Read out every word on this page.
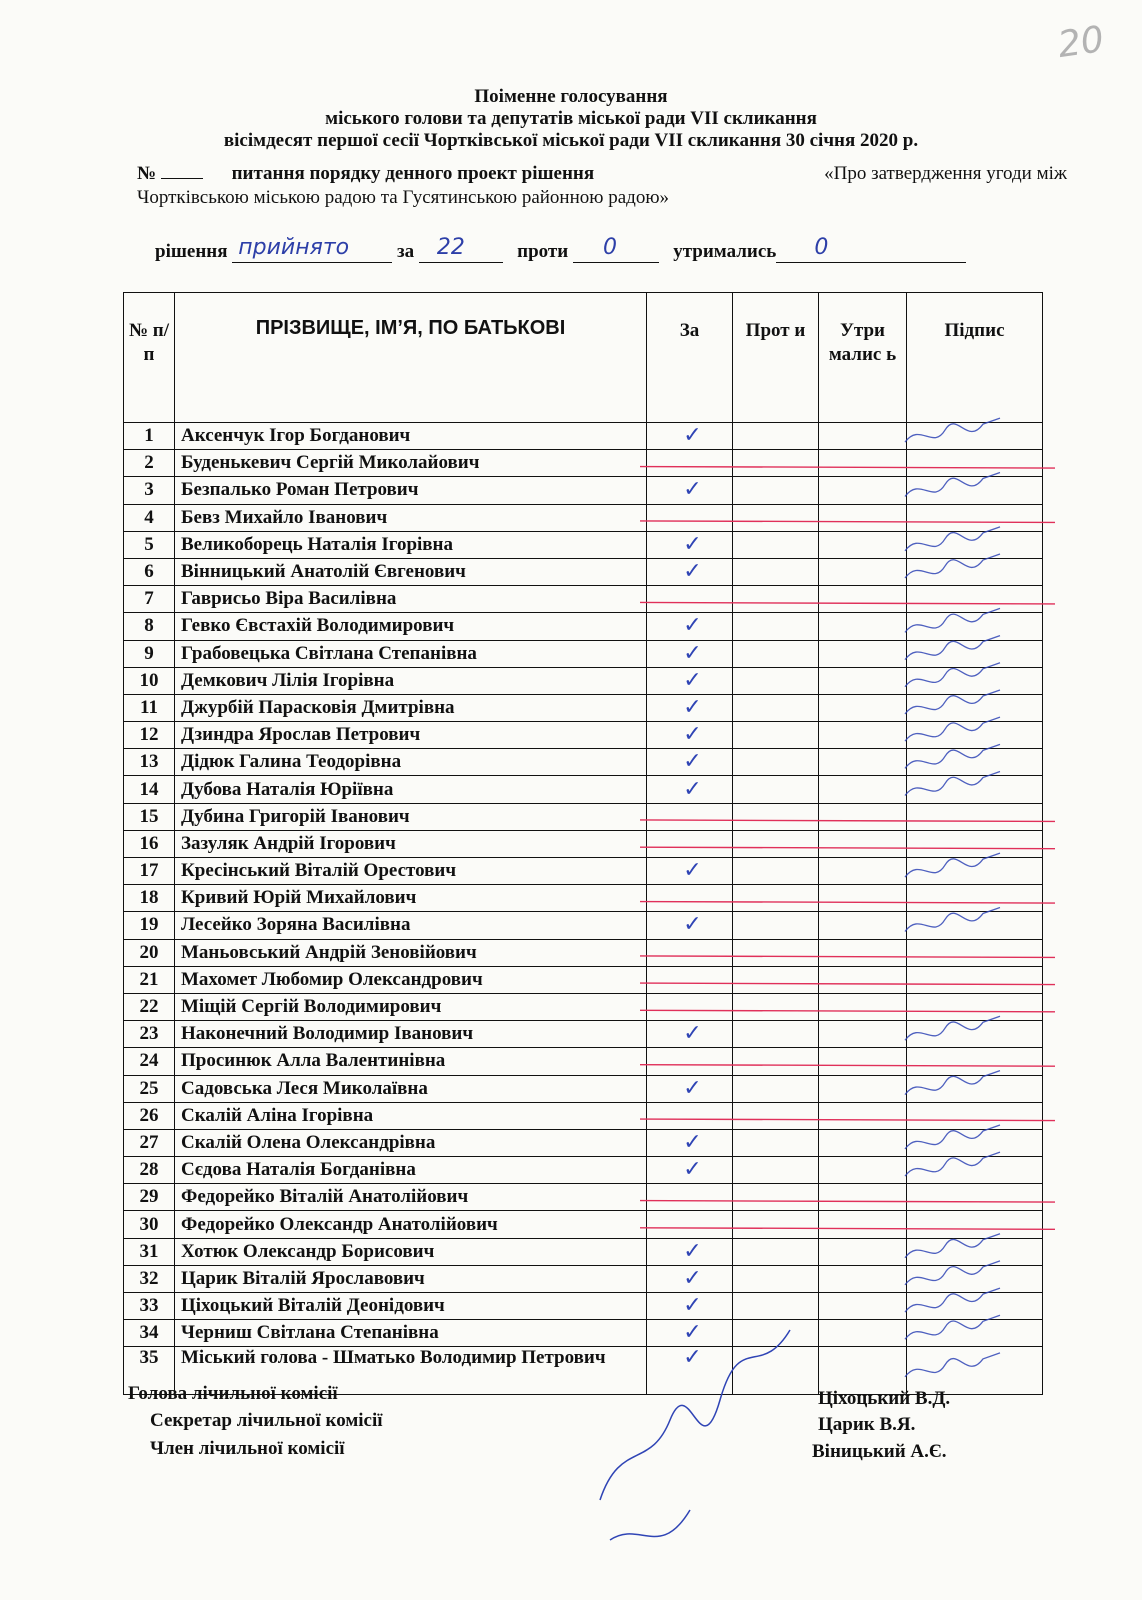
20
Поіменне голосування
міського голови та депутатів міської ради VII скликання
вісімдесят першої сесії Чортківської міської ради VII скликання 30 січня 2020 р.
№	питання порядку денного проект рішення	«Про затвердження угоди між
Чортківською міською радою та Гусятинською районною радою»
рішення прийнято	за 22	проти 0	утримались 0
№ п/п	ПРІЗВИЩЕ, ІМ’Я, ПО БАТЬКОВІ	За	Прот и	Утри малис ь	Підпис
1	Аксенчук Ігор Богданович	✓			

2	Буденькевич Сергій Миколайович				
3	Безпалько Роман Петрович	✓			

4	Бевз Михайло Іванович				
5	Великоборець Наталія Ігорівна	✓			

6	Вінницький Анатолій Євгенович	✓			

7	Гаврисьо Віра Василівна				
8	Гевко Євстахій Володимирович	✓			

9	Грабовецька Світлана Степанівна	✓			

10	Демкович Лілія Ігорівна	✓			

11	Джурбій Парасковія Дмитрівна	✓			

12	Дзиндра Ярослав Петрович	✓			

13	Дідюк Галина Теодорівна	✓			

14	Дубова Наталія Юріївна	✓			

15	Дубина Григорій Іванович				
16	Зазуляк Андрій Ігорович				
17	Кресінський Віталій Орестович	✓			

18	Кривий Юрій Михайлович				
19	Лесейко Зоряна Василівна	✓			

20	Маньовський Андрій Зеновійович				
21	Махомет Любомир Олександрович				
22	Міщій Сергій Володимирович				
23	Наконечний Володимир Іванович	✓			

24	Просинюк Алла Валентинівна				
25	Садовська Леся Миколаївна	✓			

26	Скалій Аліна Ігорівна				
27	Скалій Олена Олександрівна	✓			

28	Сєдова Наталія Богданівна	✓			

29	Федорейко Віталій Анатолійович				
30	Федорейко Олександр Анатолійович				
31	Хотюк Олександр Борисович	✓			

32	Царик Віталій Ярославович	✓			

33	Ціхоцький Віталій Деонідович	✓			

34	Черниш Світлана Степанівна	✓			

35	Міський голова - Шматько Володимир Петрович	✓			

Голова лічильної комісії
Секретар лічильної комісії
Член лічильної комісії
Ціхоцький В.Д.
Царик В.Я.
Віницький А.Є.
